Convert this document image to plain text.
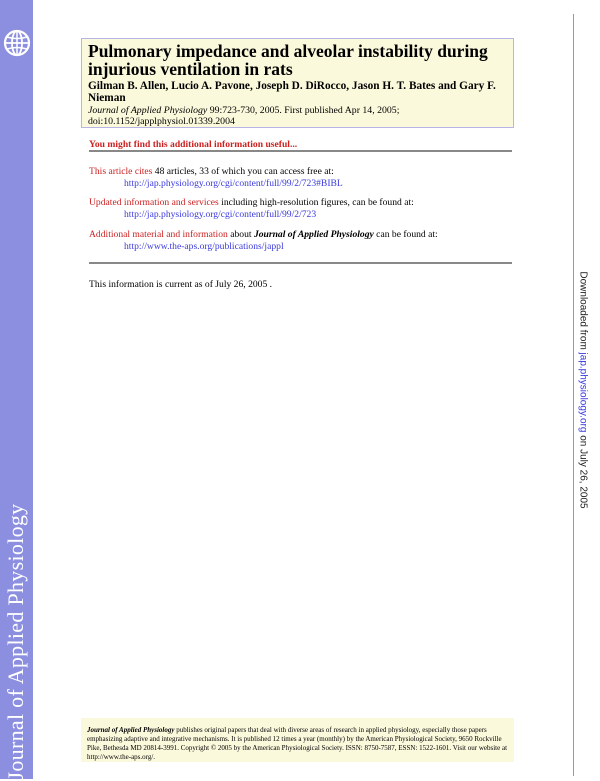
Journal of Applied Physiology
Pulmonary impedance and alveolar instability during injurious ventilation in rats
Gilman B. Allen, Lucio A. Pavone, Joseph D. DiRocco, Jason H. T. Bates and Gary F. Nieman
Journal of Applied Physiology 99:723-730, 2005. First published Apr 14, 2005;
doi:10.1152/japplphysiol.01339.2004
You might find this additional information useful...
This article cites 48 articles, 33 of which you can access free at:
http://jap.physiology.org/cgi/content/full/99/2/723#BIBL
Updated information and services including high-resolution figures, can be found at:
http://jap.physiology.org/cgi/content/full/99/2/723
Additional material and information about Journal of Applied Physiology can be found at:
http://www.the-aps.org/publications/jappl
This information is current as of July 26, 2005 .	Downloaded from jap.physiology.org on July 26, 2005
Journal of Applied Physiology publishes original papers that deal with diverse areas of research in applied physiology, especially those papers emphasizing adaptive and integrative mechanisms. It is published 12 times a year (monthly) by the American Physiological Society, 9650 Rockville Pike, Bethesda MD 20814-3991. Copyright © 2005 by the American Physiological Society. ISSN: 8750-7587, ESSN: 1522-1601. Visit our website at http://www.the-aps.org/.
